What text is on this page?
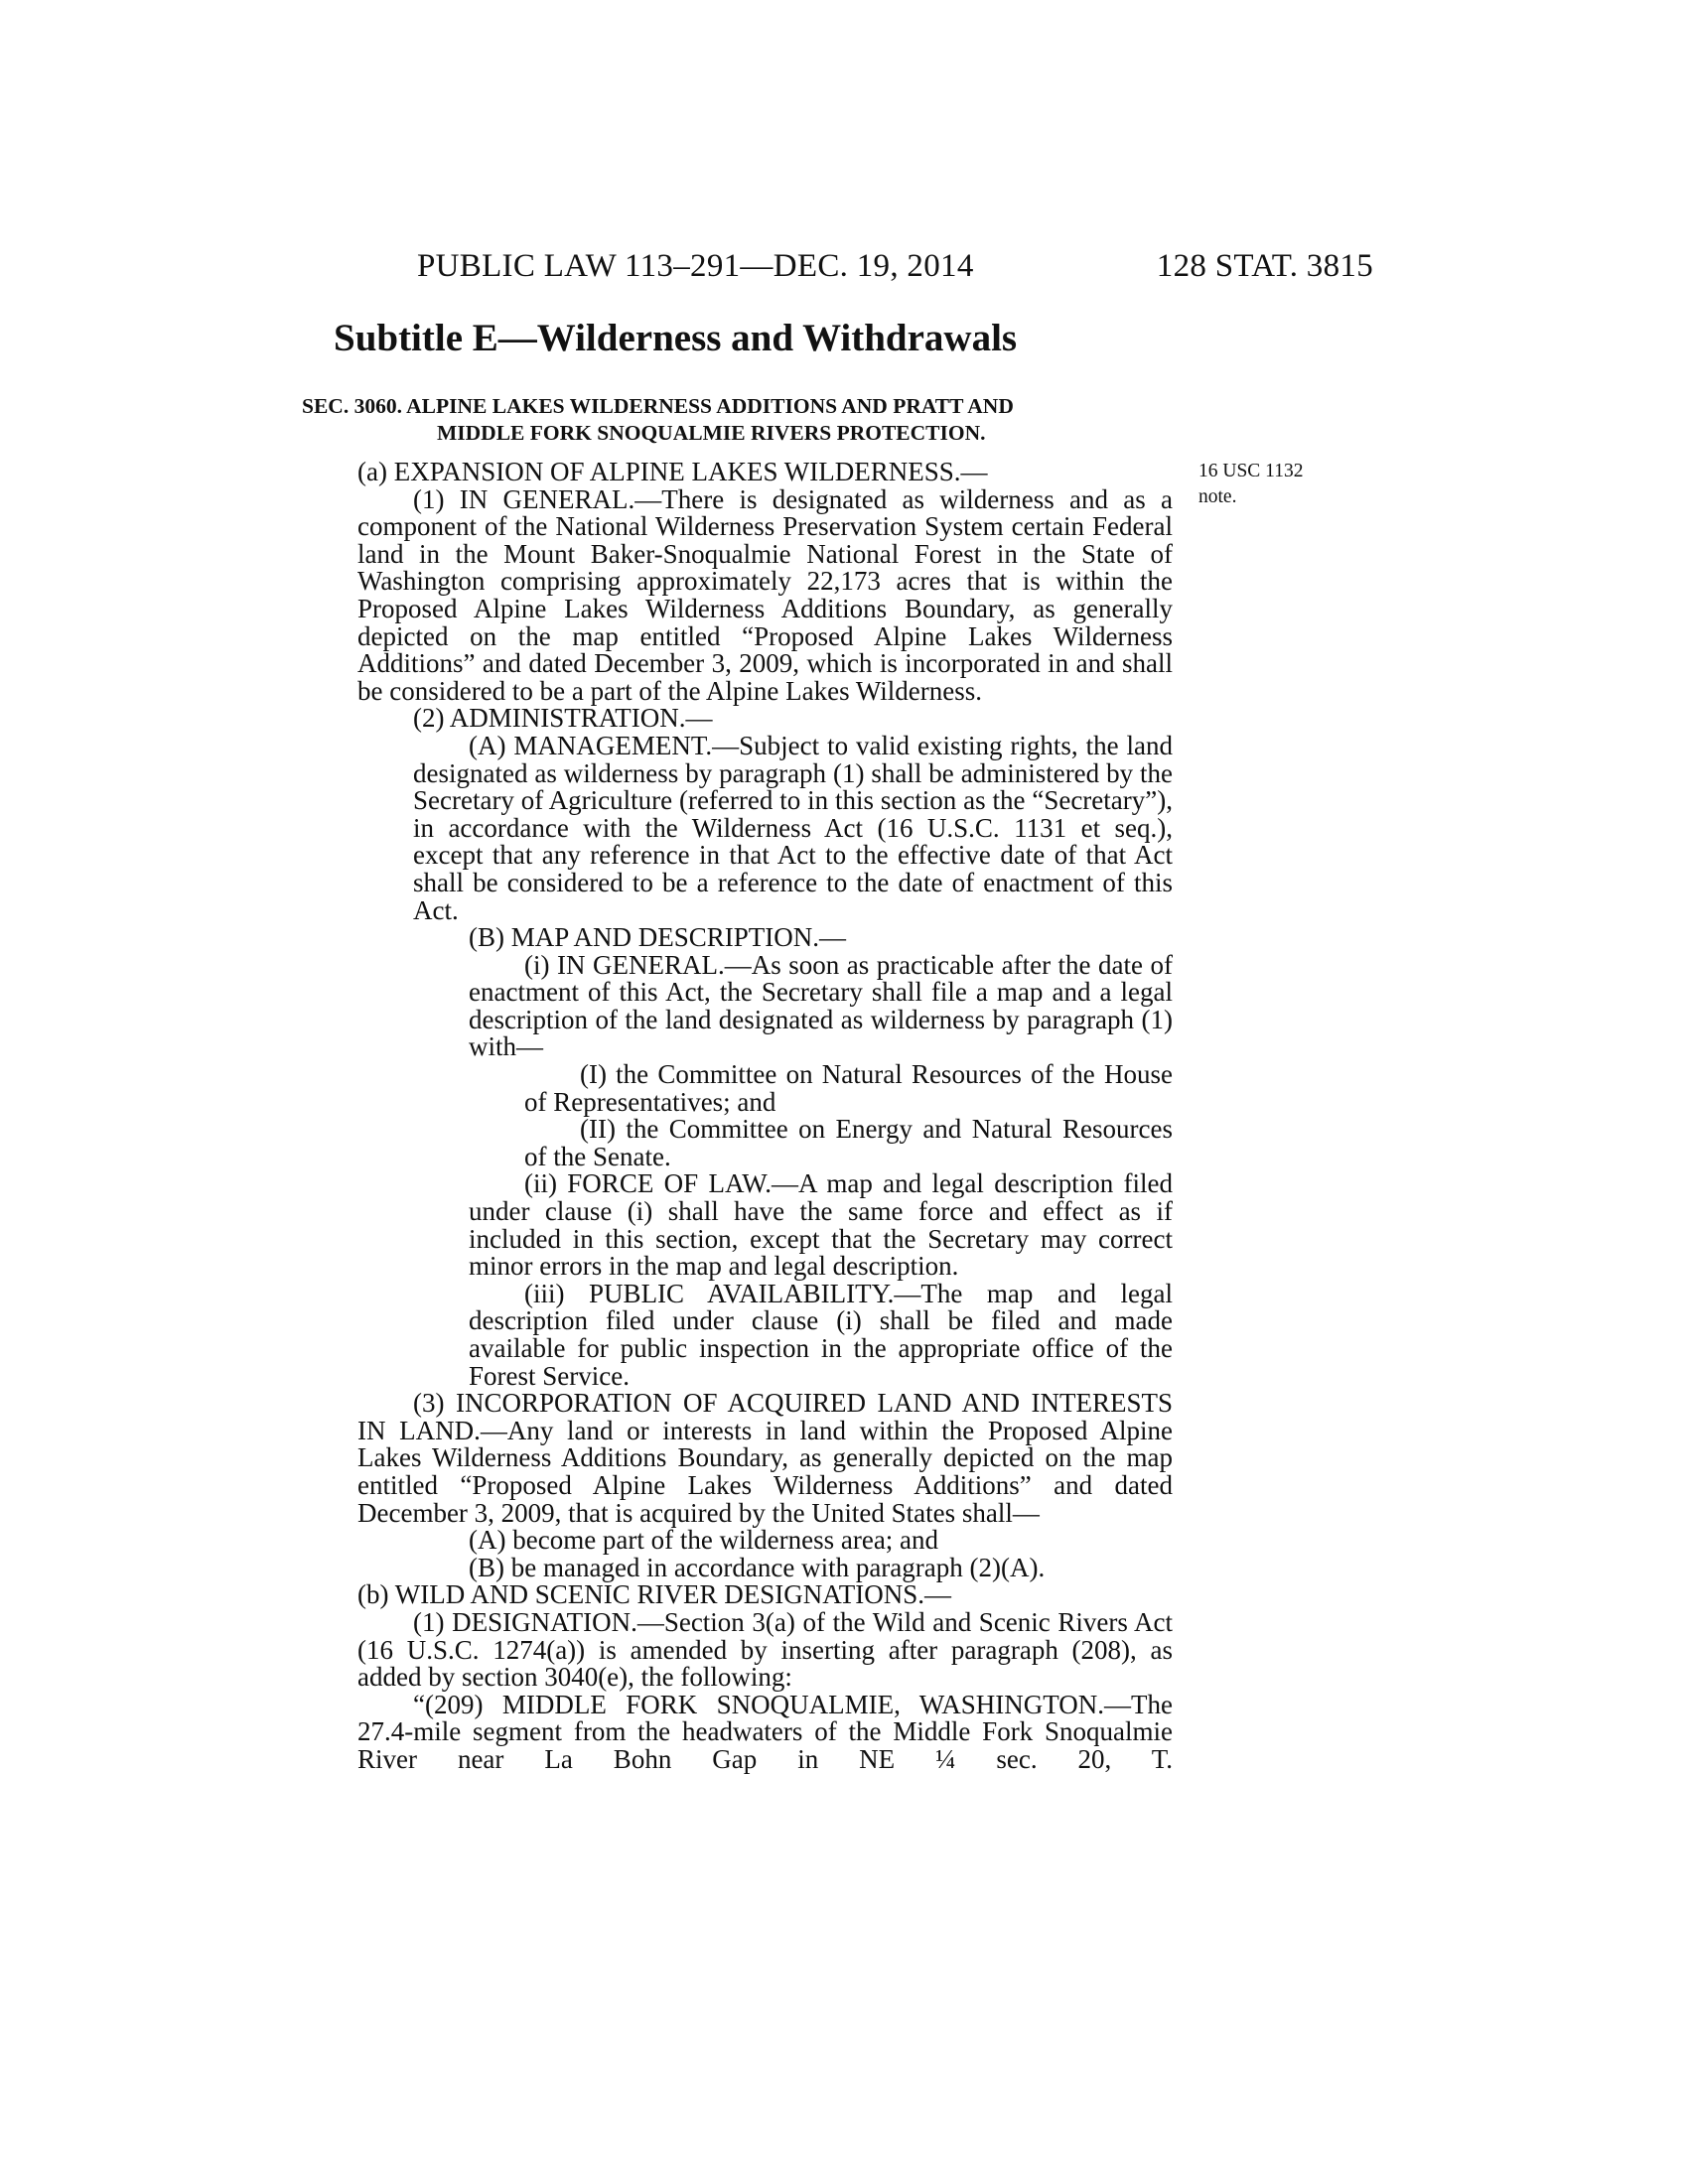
PUBLIC LAW 113–291—DEC. 19, 2014	128 STAT. 3815
Subtitle E—Wilderness and Withdrawals
SEC. 3060. ALPINE LAKES WILDERNESS ADDITIONS AND PRATT AND
MIDDLE FORK SNOQUALMIE RIVERS PROTECTION.
16 USC 1132
note.

(a) EXPANSION OF ALPINE LAKES WILDERNESS.—

(1) IN GENERAL.—There is designated as wilderness and as a component of the National Wilderness Preservation System certain Federal land in the Mount Baker-Snoqualmie National Forest in the State of Washington comprising approximately 22,173 acres that is within the Proposed Alpine Lakes Wilderness Additions Boundary, as generally depicted on the map entitled “Proposed Alpine Lakes Wilderness Additions” and dated December 3, 2009, which is incorporated in and shall be considered to be a part of the Alpine Lakes Wilderness.

(2) ADMINISTRATION.—

(A) MANAGEMENT.—Subject to valid existing rights, the land designated as wilderness by paragraph (1) shall be administered by the Secretary of Agriculture (referred to in this section as the “Secretary”), in accordance with the Wilderness Act (16 U.S.C. 1131 et seq.), except that any reference in that Act to the effective date of that Act shall be considered to be a reference to the date of enactment of this Act.

(B) MAP AND DESCRIPTION.—

(i) IN GENERAL.—As soon as practicable after the date of enactment of this Act, the Secretary shall file a map and a legal description of the land designated as wilderness by paragraph (1) with—

(I) the Committee on Natural Resources of the House of Representatives; and

(II) the Committee on Energy and Natural Resources of the Senate.

(ii) FORCE OF LAW.—A map and legal description filed under clause (i) shall have the same force and effect as if included in this section, except that the Secretary may correct minor errors in the map and legal description.

(iii) PUBLIC AVAILABILITY.—The map and legal description filed under clause (i) shall be filed and made available for public inspection in the appropriate office of the Forest Service.

(3) INCORPORATION OF ACQUIRED LAND AND INTERESTS IN LAND.—Any land or interests in land within the Proposed Alpine Lakes Wilderness Additions Boundary, as generally depicted on the map entitled “Proposed Alpine Lakes Wilderness Additions” and dated December 3, 2009, that is acquired by the United States shall—

(A) become part of the wilderness area; and

(B) be managed in accordance with paragraph (2)(A).

(b) WILD AND SCENIC RIVER DESIGNATIONS.—

(1) DESIGNATION.—Section 3(a) of the Wild and Scenic Rivers Act (16 U.S.C. 1274(a)) is amended by inserting after paragraph (208), as added by section 3040(e), the following:

“(209) MIDDLE FORK SNOQUALMIE, WASHINGTON.—The 27.4-mile segment from the headwaters of the Middle Fork Snoqualmie River near La Bohn Gap in NE ¼ sec. 20, T.
